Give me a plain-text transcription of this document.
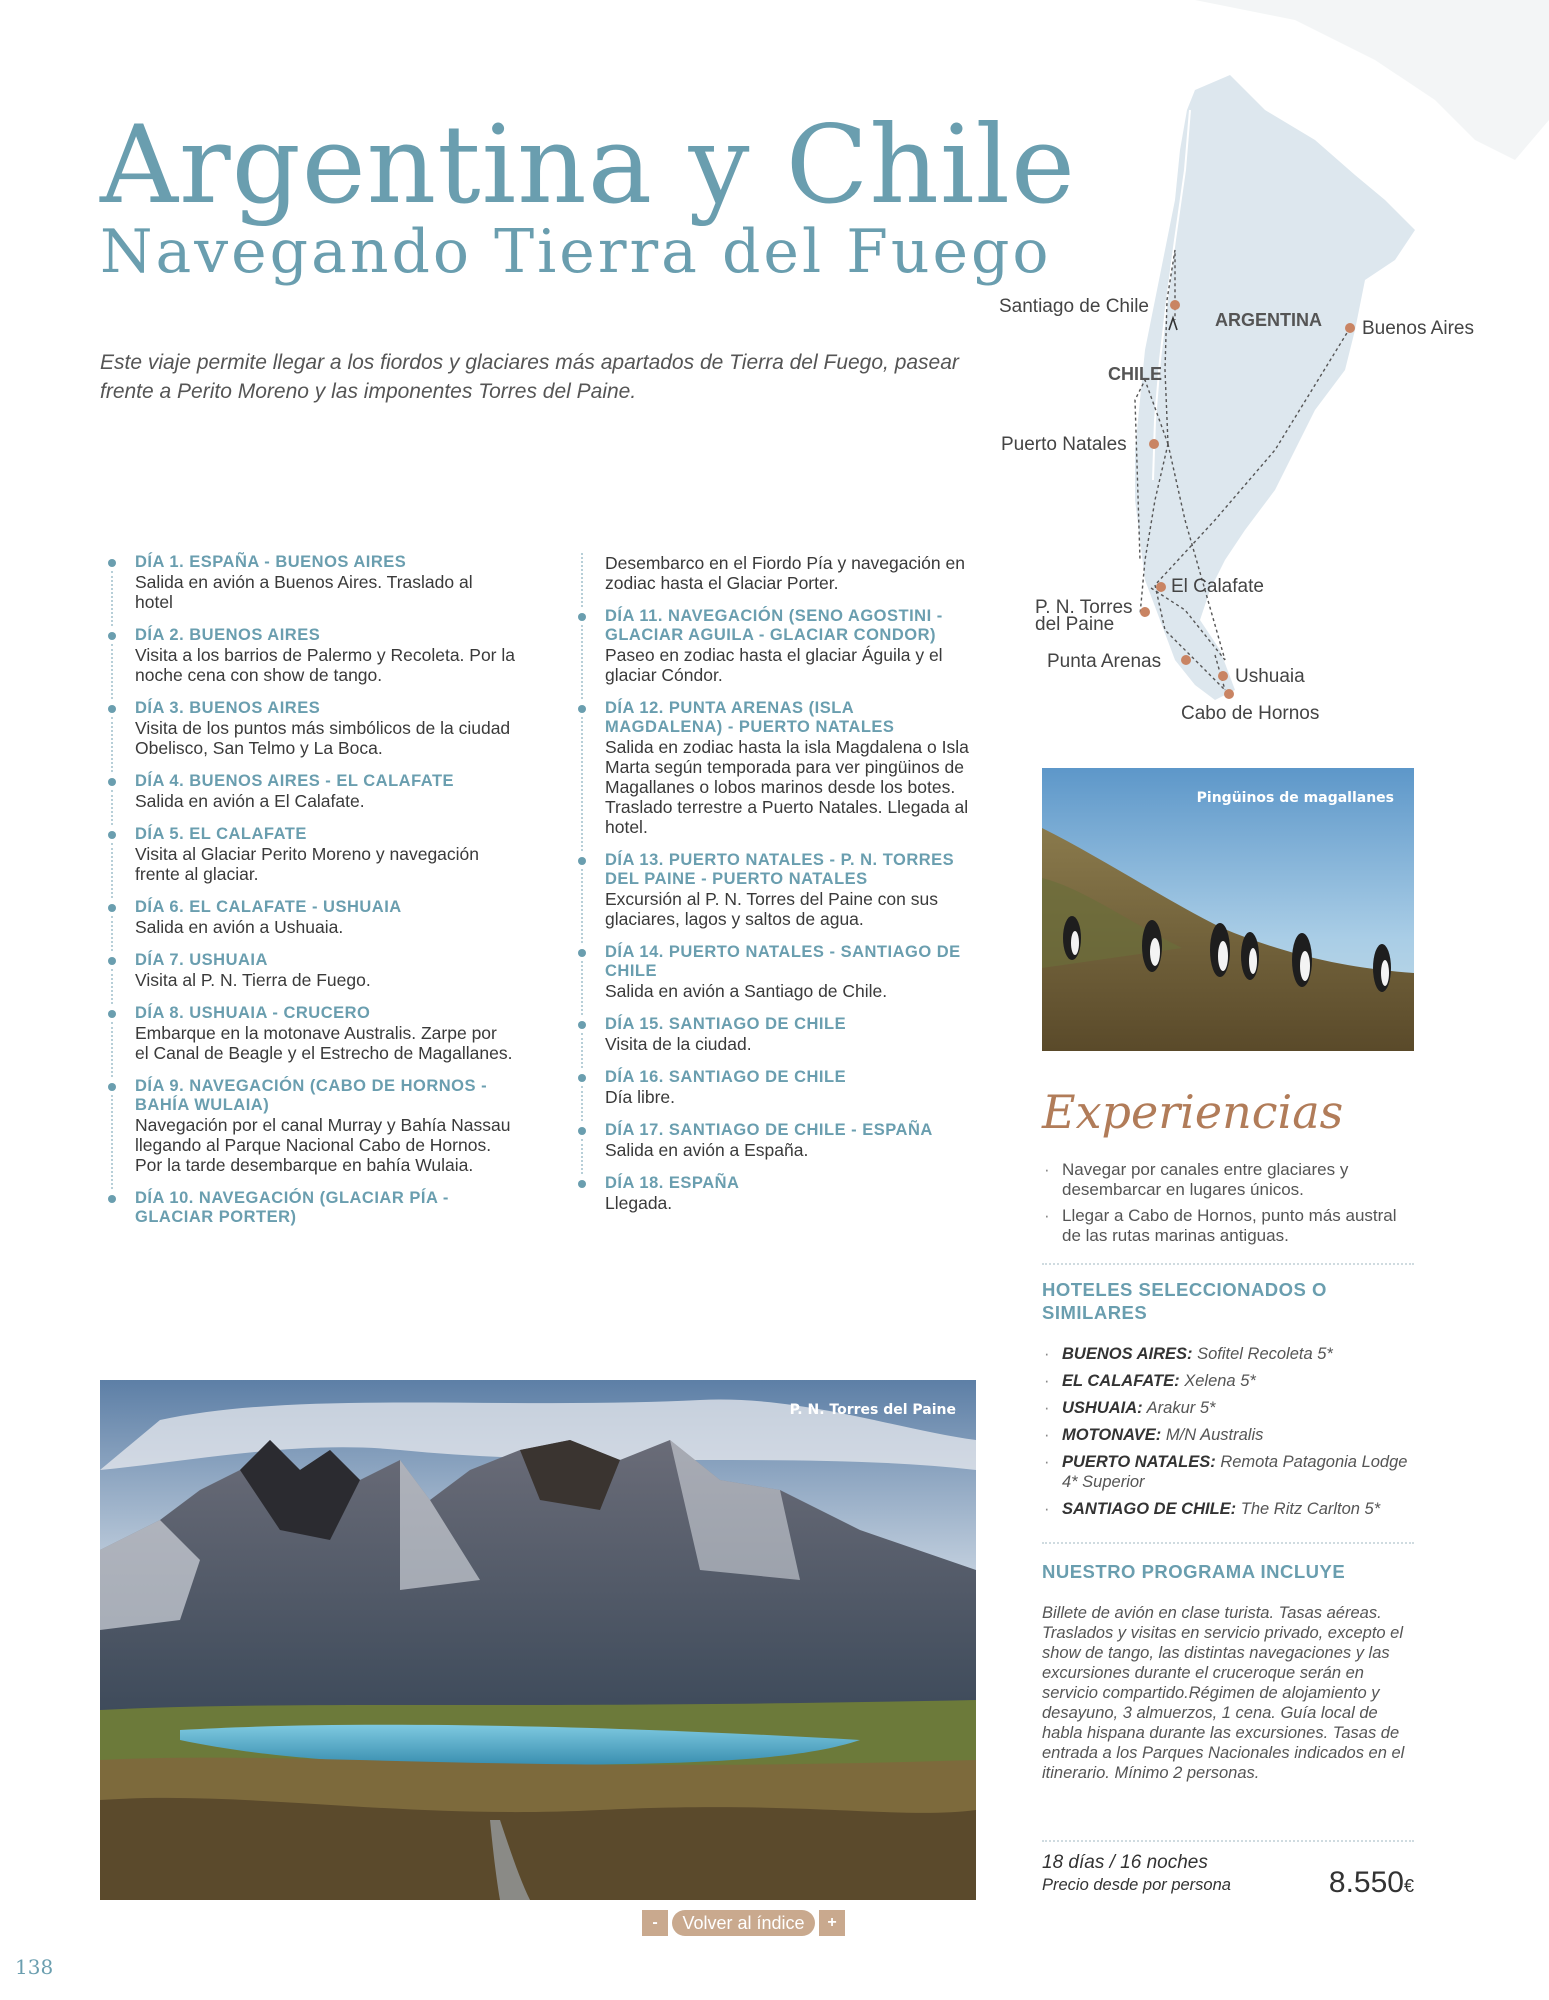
Santiago de Chile
ARGENTINA Buenos Aires
CHILE
Puerto Natales
El Calafate
P. N. Torres
del Paine
Punta Arenas
Ushuaia
Cabo de Hornos
Argentina y Chile
Navegando Tierra del Fuego
Este viaje permite llegar a los fiordos y glaciares más apartados de Tierra del Fuego, pasear frente a Perito Moreno y las imponentes Torres del Paine.
DÍA 1. ESPAÑA - BUENOS AIRES
Salida en avión a Buenos Aires. Traslado al hotel
DÍA 2. BUENOS AIRES
Visita a los barrios de Palermo y Recoleta. Por la noche cena con show de tango.
DÍA 3. BUENOS AIRES
Visita de los puntos más simbólicos de la ciudad Obelisco, San Telmo y La Boca.
DÍA 4. BUENOS AIRES - EL CALAFATE
Salida en avión a El Calafate.
DÍA 5. EL CALAFATE
Visita al Glaciar Perito Moreno y navegación frente al glaciar.
DÍA 6. EL CALAFATE - USHUAIA
Salida en avión a Ushuaia.
DÍA 7. USHUAIA
Visita al P. N. Tierra de Fuego.
DÍA 8. USHUAIA - CRUCERO
Embarque en la motonave Australis. Zarpe por el Canal de Beagle y el Estrecho de Magallanes.
DÍA 9. NAVEGACIÓN (CABO DE HORNOS - BAHÍA WULAIA)
Navegación por el canal Murray y Bahía Nassau llegando al Parque Nacional Cabo de Hornos. Por la tarde desembarque en bahía Wulaia.
DÍA 10. NAVEGACIÓN (GLACIAR PÍA - GLACIAR PORTER)
Desembarco en el Fiordo Pía y navegación en zodiac hasta el Glaciar Porter.
DÍA 11. NAVEGACIÓN (SENO AGOSTINI - GLACIAR AGUILA - GLACIAR CONDOR)
Paseo en zodiac hasta el glaciar Águila y el glaciar Cóndor.
DÍA 12. PUNTA ARENAS (ISLA MAGDALENA) - PUERTO NATALES
Salida en zodiac hasta la isla Magdalena o Isla Marta según temporada para ver pingüinos de Magallanes o lobos marinos desde los botes. Traslado terrestre a Puerto Natales. Llegada al hotel.
DÍA 13. PUERTO NATALES - P. N. TORRES DEL PAINE - PUERTO NATALES
Excursión al P. N. Torres del Paine con sus glaciares, lagos y saltos de agua.
DÍA 14. PUERTO NATALES - SANTIAGO DE CHILE
Salida en avión a Santiago de Chile.
DÍA 15. SANTIAGO DE CHILE
Visita de la ciudad.
DÍA 16. SANTIAGO DE CHILE
Día libre.
DÍA 17. SANTIAGO DE CHILE - ESPAÑA
Salida en avión a España.
DÍA 18. ESPAÑA
Llegada.
Pingüinos de magallanes
Experiencias
· Navegar por canales entre glaciares y desembarcar en lugares únicos.
· Llegar a Cabo de Hornos, punto más austral de las rutas marinas antiguas.
HOTELES SELECCIONADOS O SIMILARES
· BUENOS AIRES: Sofitel Recoleta 5*
· EL CALAFATE: Xelena 5*
· USHUAIA: Arakur 5*
· MOTONAVE: M/N Australis
· PUERTO NATALES: Remota Patagonia Lodge 4* Superior
· SANTIAGO DE CHILE: The Ritz Carlton 5*
NUESTRO PROGRAMA INCLUYE
Billete de avión en clase turista. Tasas aéreas. Traslados y visitas en servicio privado, excepto el show de tango, las distintas navegaciones y las excursiones durante el cruceroque serán en servicio compartido.Régimen de alojamiento y desayuno, 3 almuerzos, 1 cena. Guía local de habla hispana durante las excursiones. Tasas de entrada a los Parques Nacionales indicados en el itinerario. Mínimo 2 personas.
18 días / 16 noches
Precio desde por persona	8.550€
P. N. Torres del Paine
- Volver al índice +
138
